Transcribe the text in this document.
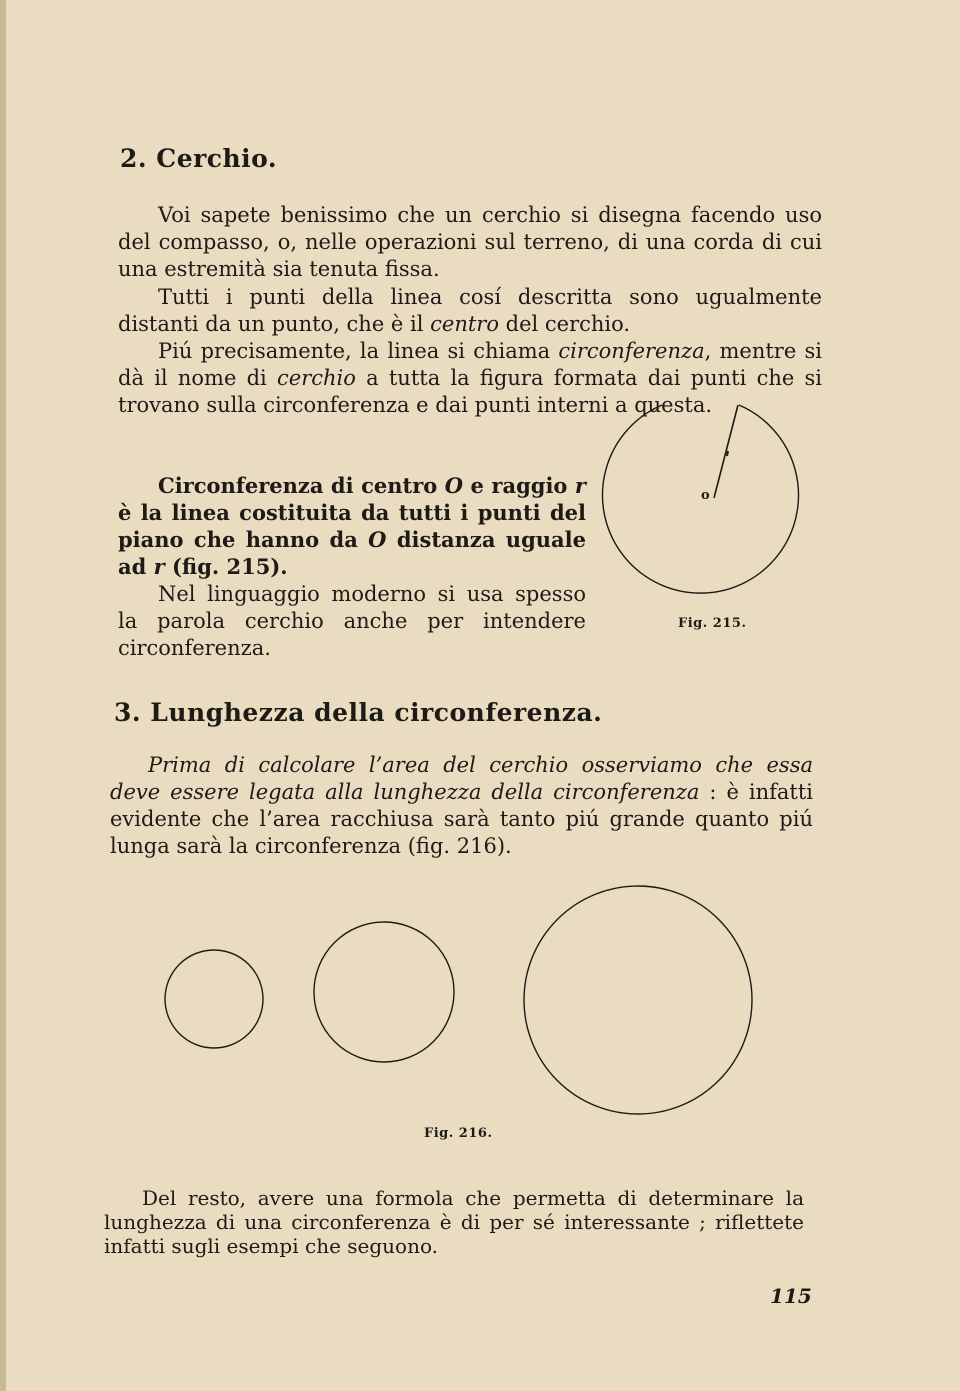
2. Cerchio.

Voi sapete benissimo che un cerchio si disegna facendo uso del compasso, o, nelle operazioni sul terreno, di una corda di cui una estremità sia tenuta fissa.

Tutti i punti della linea cosí descritta sono ugualmente distanti da un punto, che è il centro del cerchio.

Piú precisamente, la linea si chiama circonferenza, mentre si dà il nome di cerchio a tutta la figura formata dai punti che si trovano sulla circonferenza e dai punti interni a questa.

Circonferenza di centro O e raggio r è la linea costituita da tutti i punti del piano che hanno da O distanza uguale ad r (fig. 215).

Nel linguaggio moderno si usa spesso la parola cerchio anche per intendere circonferenza.

o
Fig. 215.
3. Lunghezza della circonferenza.

Prima di calcolare l’area del cerchio osserviamo che essa deve essere legata alla lunghezza della circonferenza : è infatti evidente che l’area racchiusa sarà tanto piú grande quanto piú lunga sarà la circonferenza (fig. 216).

Fig. 216.

Del resto, avere una formola che permetta di determinare la lunghezza di una circonferenza è di per sé interessante ; riflettete infatti sugli esempi che seguono.

115
